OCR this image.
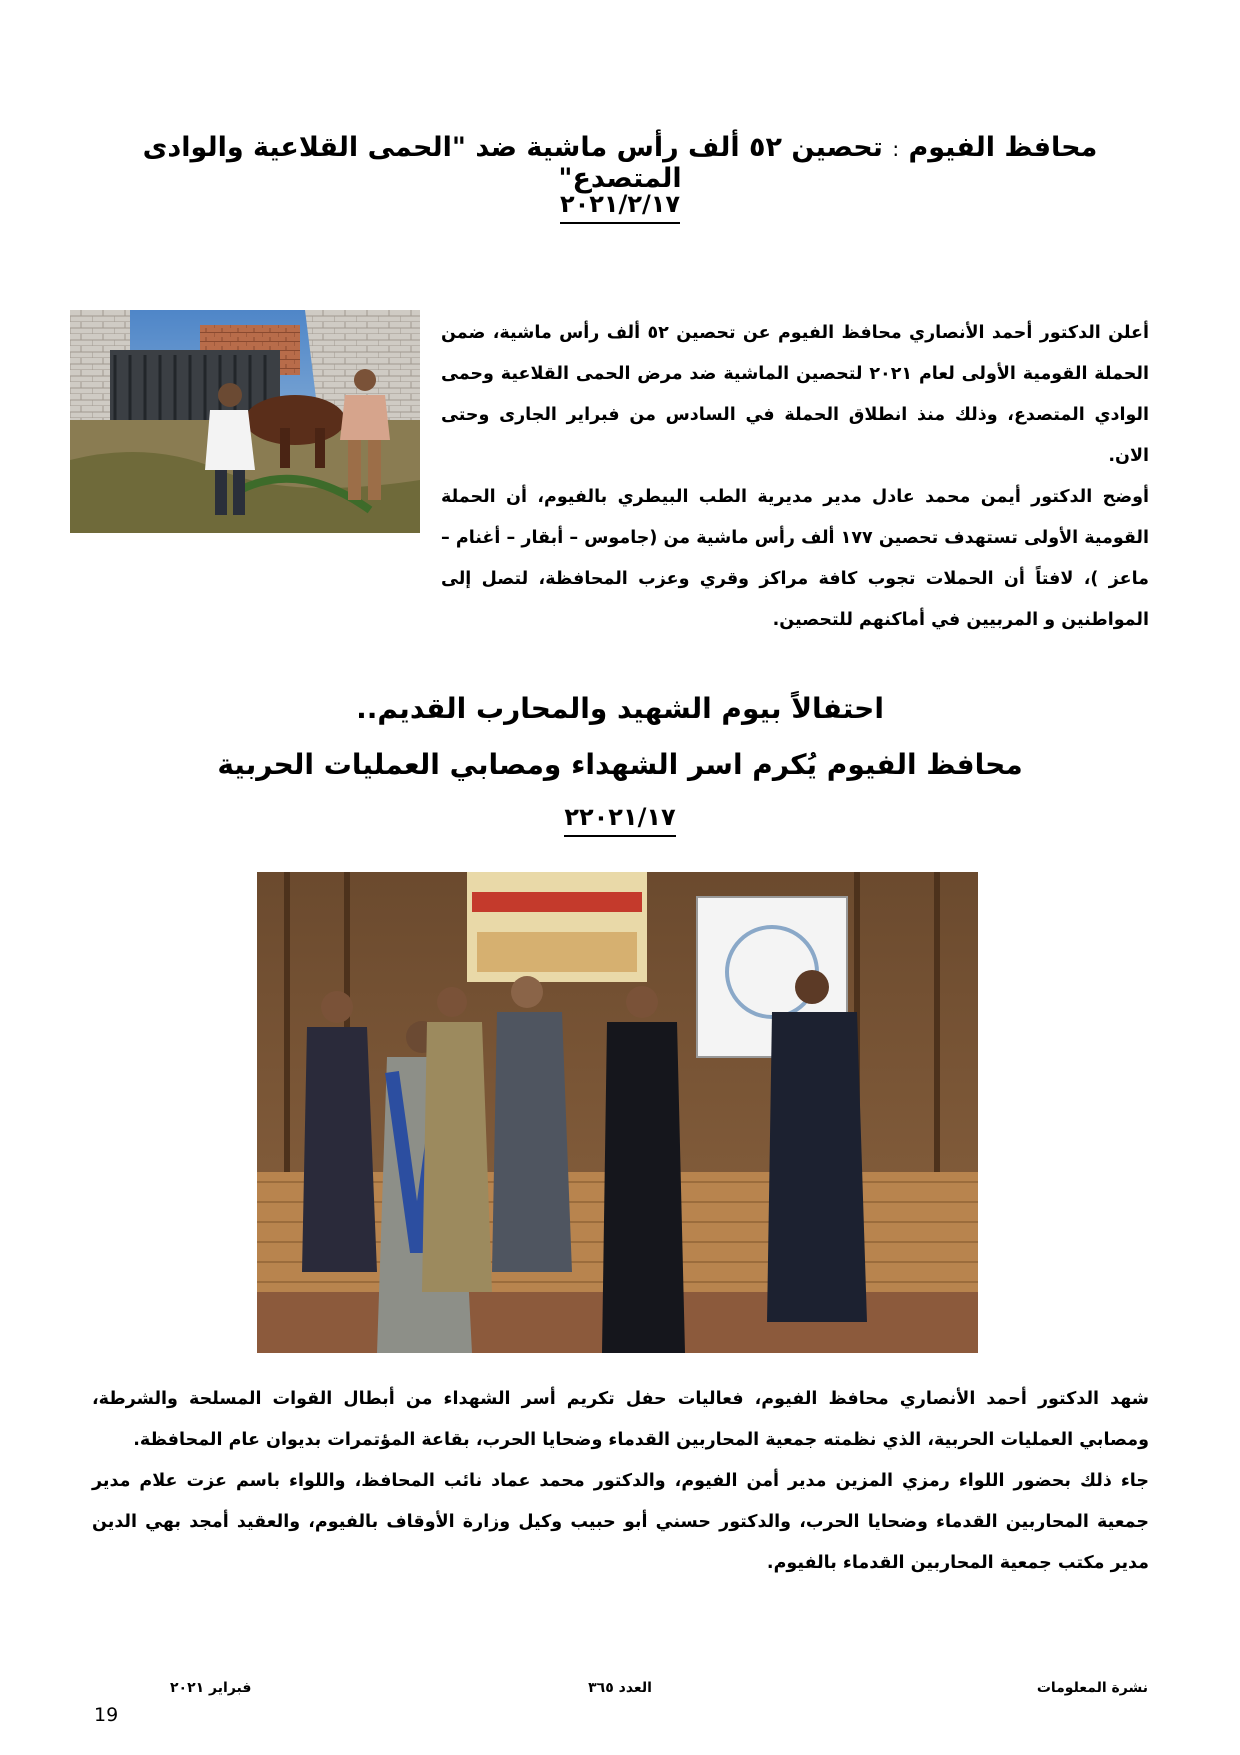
محافظ الفيوم : تحصين ٥٢ ألف رأس ماشية ضد "الحمى القلاعية والوادى المتصدع"
٢٠٢١/٢/١٧

أعلن الدكتور أحمد الأنصاري محافظ الفيوم عن تحصين ٥٢ ألف رأس ماشية، ضمن الحملة القومية الأولى لعام ٢٠٢١ لتحصين الماشية ضد مرض الحمى القلاعية وحمى الوادي المتصدع، وذلك منذ انطلاق الحملة في السادس من فبراير الجارى وحتى الان.

أوضح الدكتور أيمن محمد عادل مدير مديرية الطب البيطري بالفيوم، أن الحملة القومية الأولى تستهدف تحصين ١٧٧ ألف رأس ماشية من (جاموس – أبقار – أغنام – ماعز )، لافتاً أن الحملات تجوب كافة مراكز وقري وعزب المحافظة، لتصل إلى المواطنين و المربيين في أماكنهم للتحصين.

احتفالاً بيوم الشهيد والمحارب القديم..
محافظ الفيوم يُكرم اسر الشهداء ومصابي العمليات الحربية
٢٢٠٢١/١٧

شهد الدكتور أحمد الأنصاري محافظ الفيوم، فعاليات حفل تكريم أسر الشهداء من أبطال القوات المسلحة والشرطة، ومصابي العمليات الحربية، الذي نظمته جمعية المحاربين القدماء وضحايا الحرب، بقاعة المؤتمرات بديوان عام المحافظة.

جاء ذلك بحضور اللواء رمزي المزين مدير أمن الفيوم، والدكتور محمد عماد نائب المحافظ، واللواء باسم عزت علام مدير جمعية المحاربين القدماء وضحايا الحرب، والدكتور حسني أبو حبيب وكيل وزارة الأوقاف بالفيوم، والعقيد أمجد بهي الدين مدير مكتب جمعية المحاربين القدماء بالفيوم.

نشرة المعلومات
العدد ٣٦٥
فبراير ٢٠٢١
19
